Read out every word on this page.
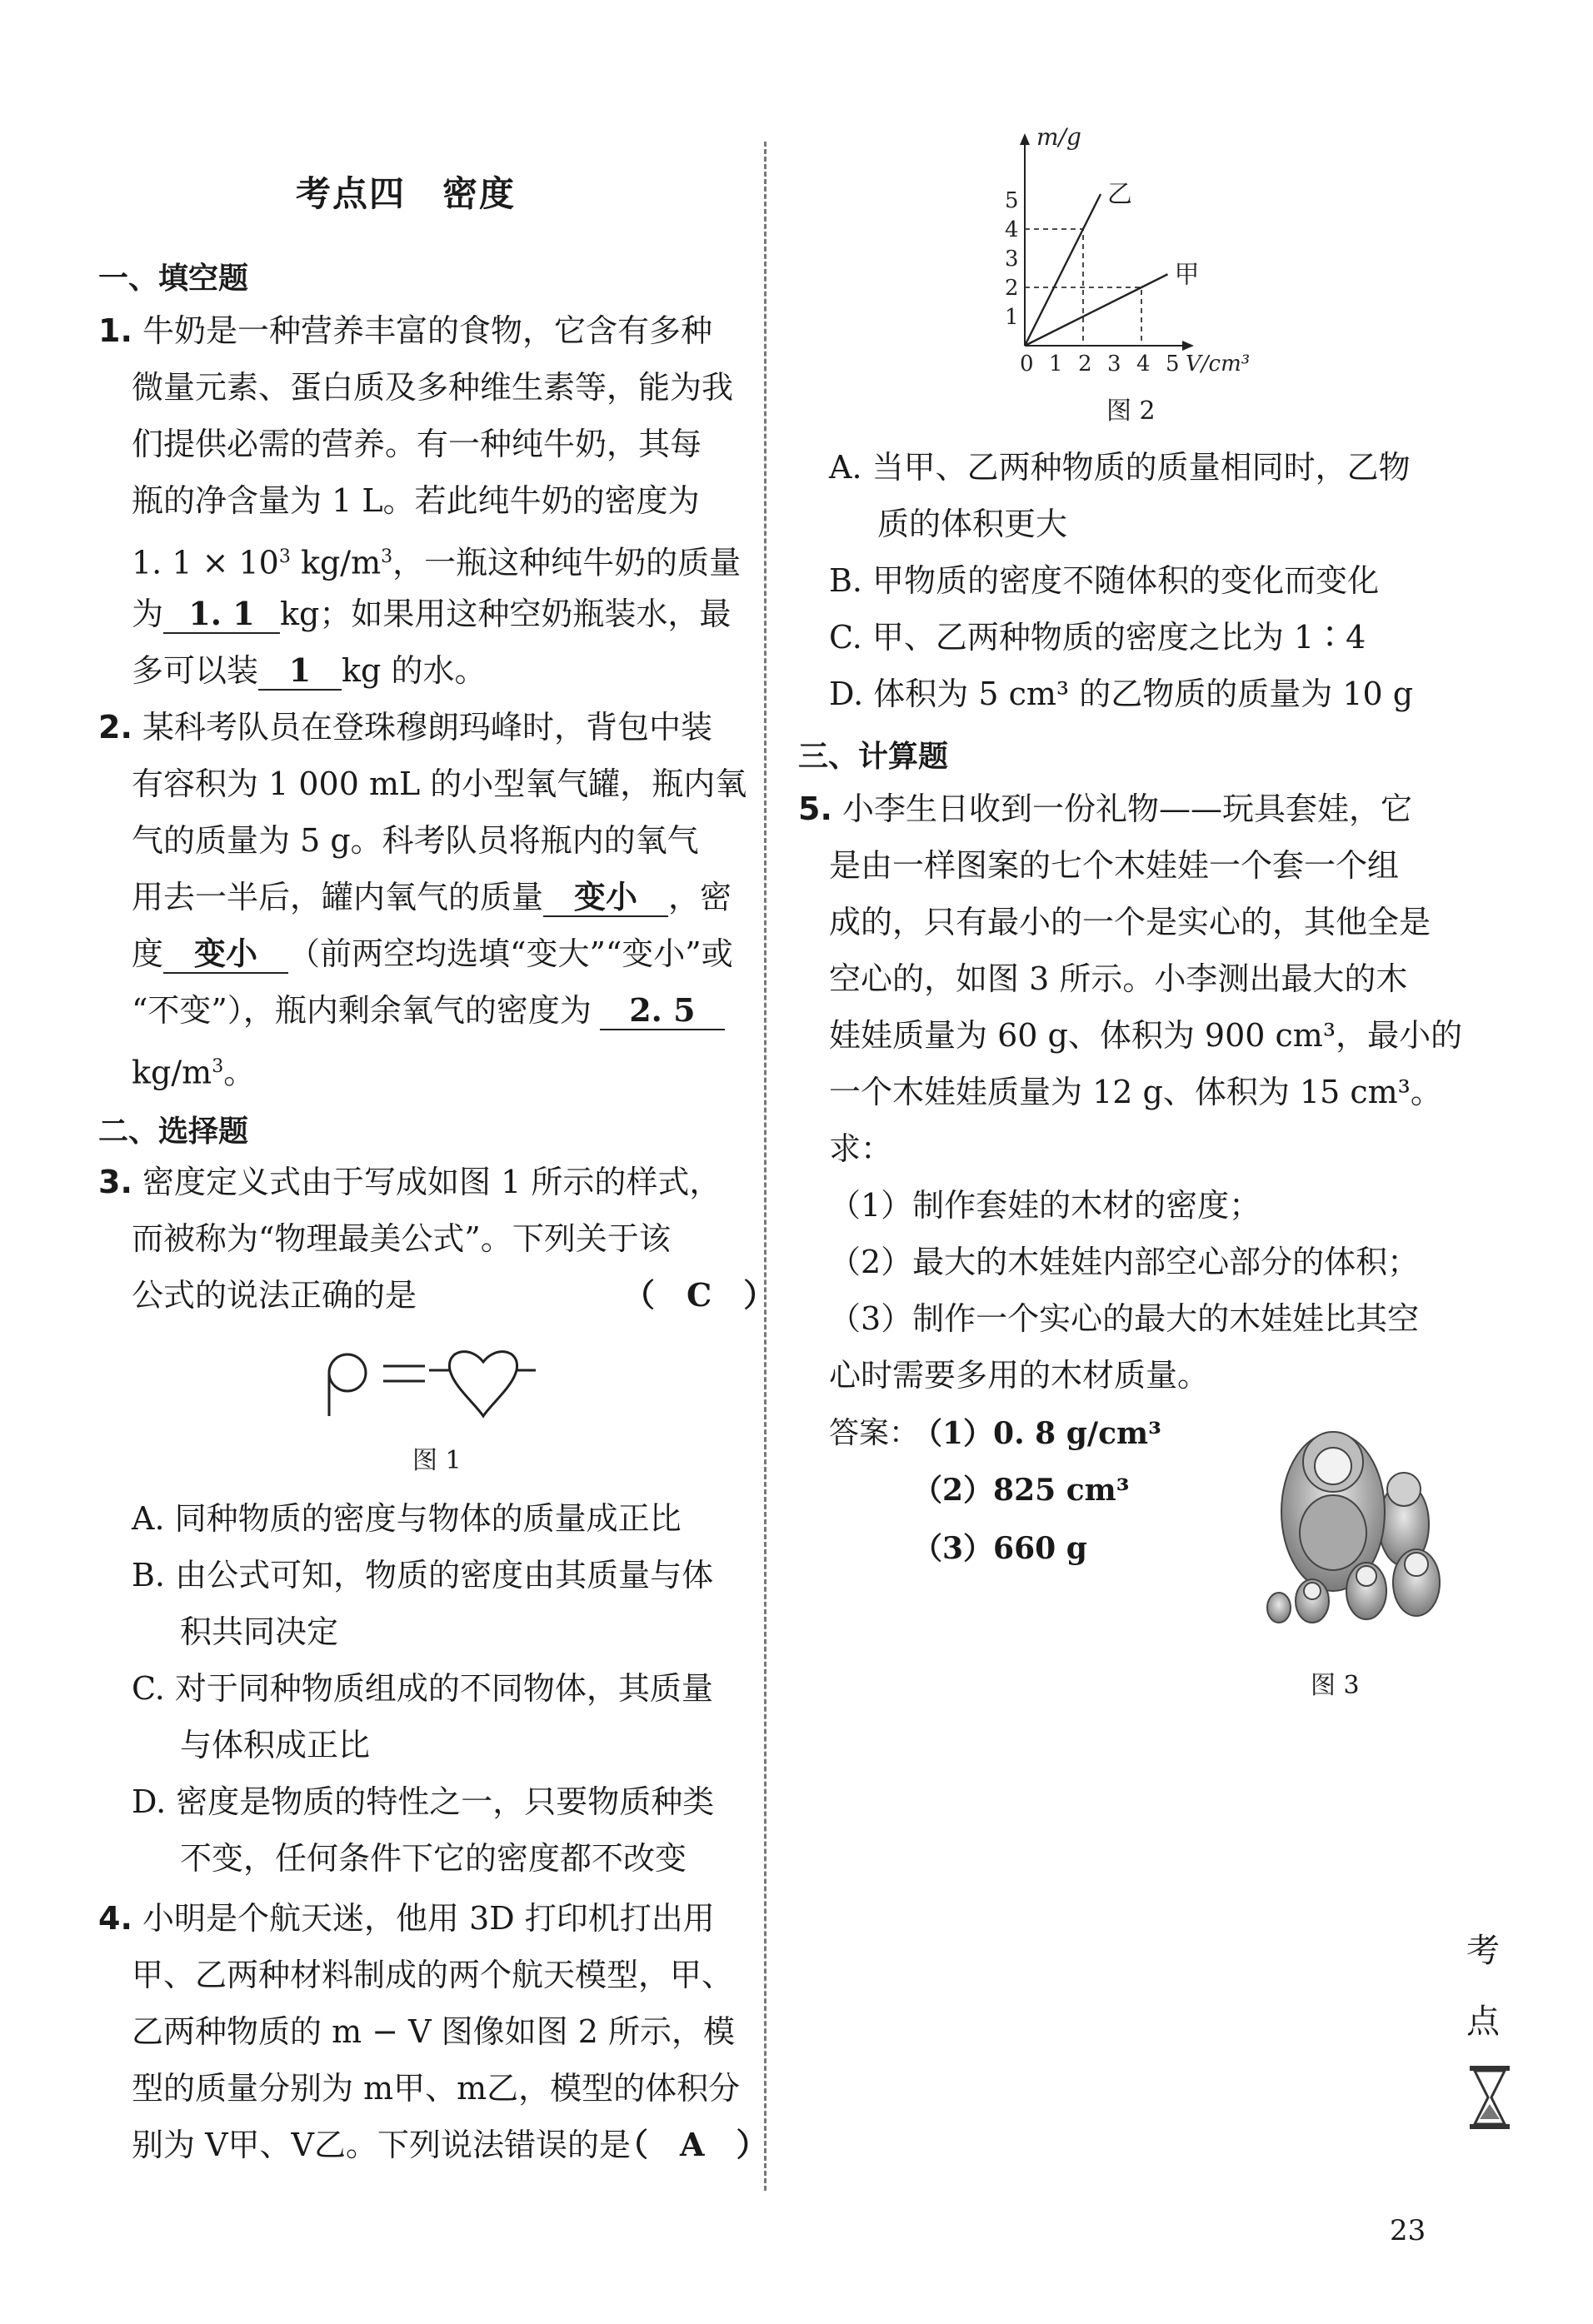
考点四　密度
一、填空题
1. 牛奶是一种营养丰富的食物，它含有多种
微量元素、蛋白质及多种维生素等，能为我
们提供必需的营养。有一种纯牛奶，其每
瓶的净含量为 1 L。若此纯牛奶的密度为
1. $1 \times 10^3$ $kg/m^3$，一瓶这种纯牛奶的质量
为 1. 1 kg；如果用这种空奶瓶装水，最
多可以装 1 kg 的水。
2. 某科考队员在登珠穆朗玛峰时，背包中装
有容积为 1 000 mL 的小型氧气罐，瓶内氧
气的质量为 5 g。科考队员将瓶内的氧气
用去一半后，罐内氧气的质量 变小 ，密
度 变小 （前两空均选填“变大”“变小”或
“不变”），瓶内剩余氧气的密度为 2. 5
$kg/m^3$。
二、选择题
3. 密度定义式由于写成如图 1 所示的样式，
而被称为“物理最美公式”。下列关于该
公式的说法正确的是	（　C　）
图 1
A. 同种物质的密度与物体的质量成正比
B. 由公式可知，物质的密度由其质量与体
积共同决定
C. 对于同种物质组成的不同物体，其质量
与体积成正比
D. 密度是物质的特性之一，只要物质种类
不变，任何条件下它的密度都不改变
4. 小明是个航天迷，他用 3D 打印机打出用
甲、乙两种材料制成的两个航天模型，甲、
乙两种物质的 m − V 图像如图 2 所示，模
型的质量分别为 m甲、m乙，模型的体积分
别为 V甲、V乙。下列说法错误的是
（　A　）
0 1 2 3 4 5
1
2
3
4
5
m/g
V/cm³
乙
甲
图 2
A. 当甲、乙两种物质的质量相同时，乙物
质的体积更大
B. 甲物质的密度不随体积的变化而变化
C. 甲、乙两种物质的密度之比为 1∶4
D. 体积为 5 cm³ 的乙物质的质量为 10 g
三、计算题
5. 小李生日收到一份礼物——玩具套娃，它
是由一样图案的七个木娃娃一个套一个组
成的，只有最小的一个是实心的，其他全是
空心的，如图 3 所示。小李测出最大的木
娃娃质量为 60 g、体积为 900 cm³，最小的
一个木娃娃质量为 12 g、体积为 15 cm³。
求：
（1）制作套娃的木材的密度；
（2）最大的木娃娃内部空心部分的体积；
（3）制作一个实心的最大的木娃娃比其空
心时需要多用的木材质量。
答案：
（1）0. 8 g/cm³
（2）825 cm³
（3）660 g
图 3
考
点
23
